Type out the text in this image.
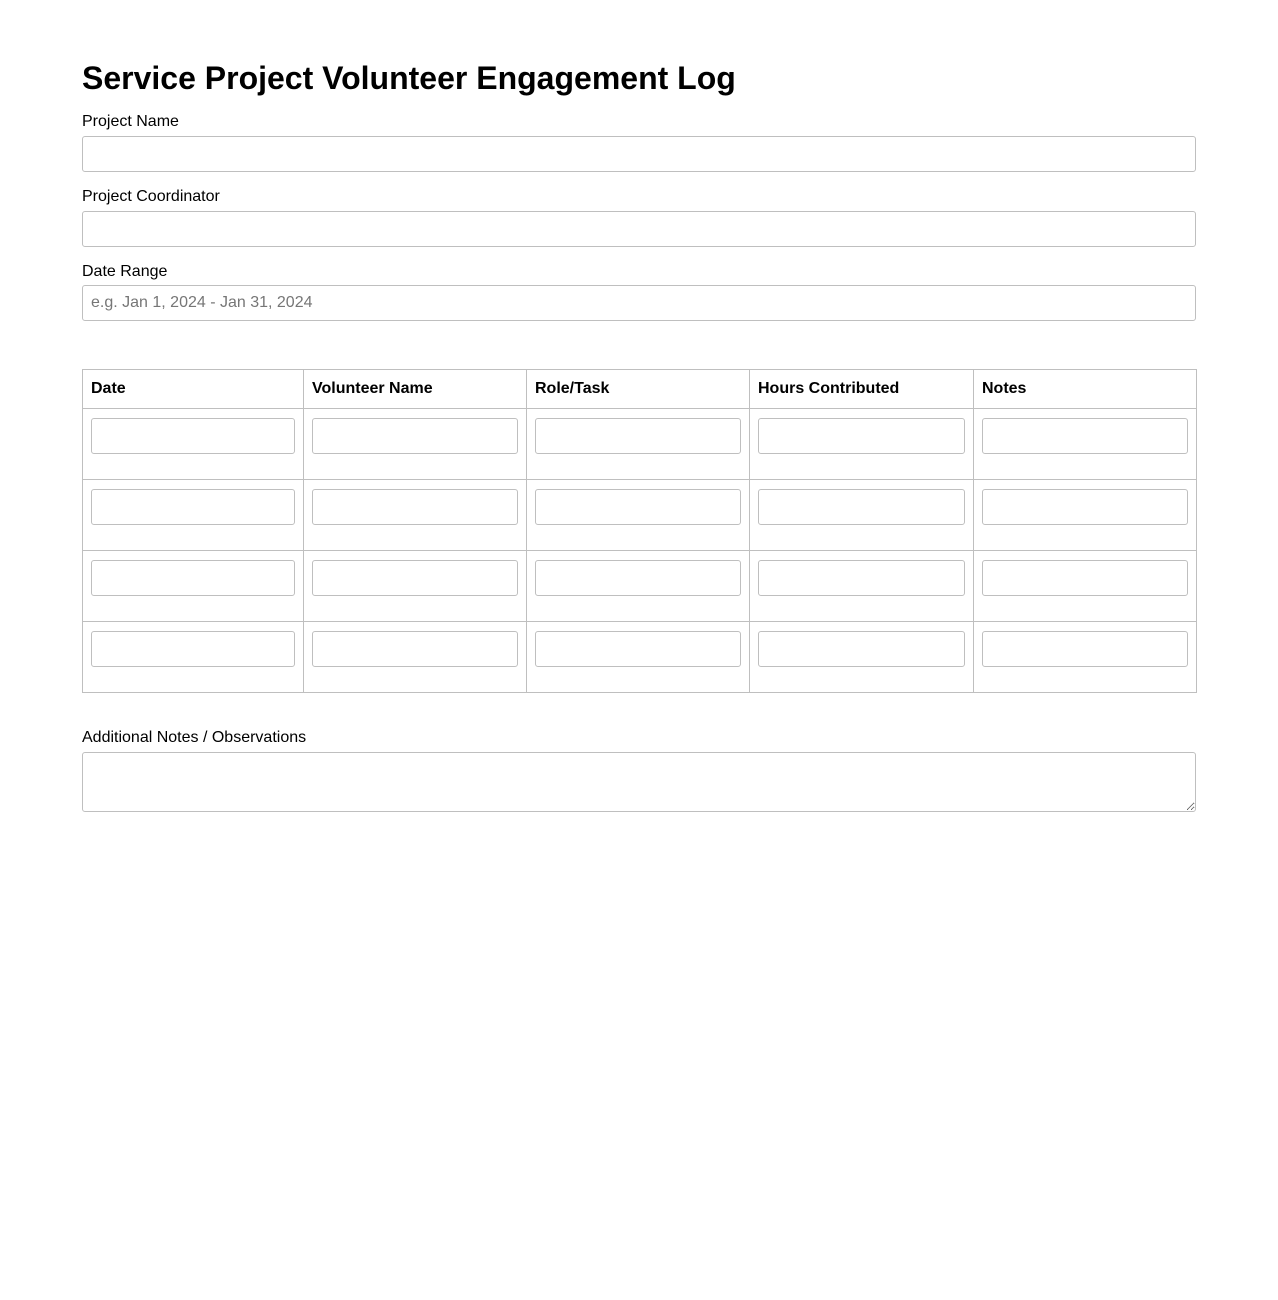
Service Project Volunteer Engagement Log
Project Name
Project Coordinator
Date Range
e.g. Jan 1, 2024 - Jan 31, 2024
Date	Volunteer Name	Role/Task	Hours Contributed	Notes

Additional Notes / Observations
